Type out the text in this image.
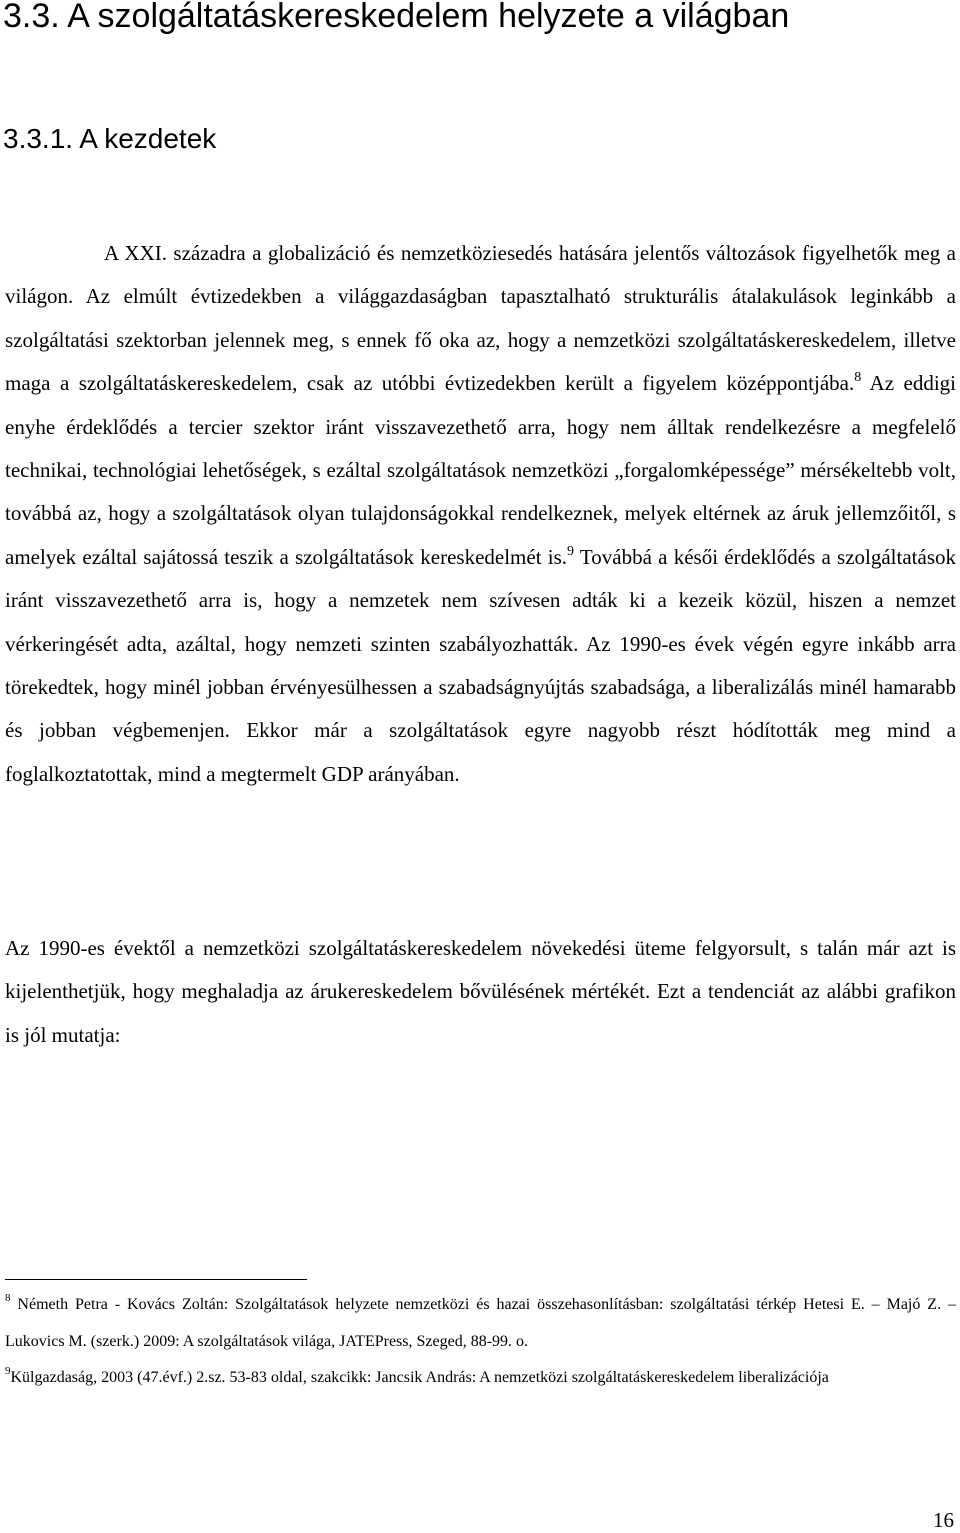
3.3. A szolgáltatáskereskedelem helyzete a világban
3.3.1. A kezdetek

A XXI. századra a globalizáció és nemzetköziesedés hatására jelentős változások figyelhetők meg a világon. Az elmúlt évtizedekben a világgazdaságban tapasztalható strukturális átalakulások leginkább a szolgáltatási szektorban jelennek meg, s ennek fő oka az, hogy a nemzetközi szolgáltatáskereskedelem, illetve maga a szolgáltatáskereskedelem, csak az utóbbi évtizedekben került a figyelem középpontjába.$^8$ Az eddigi enyhe érdeklődés a tercier szektor iránt visszavezethető arra, hogy nem álltak rendelkezésre a megfelelő technikai, technológiai lehetőségek, s ezáltal szolgáltatások nemzetközi „forgalomképessége” mérsékeltebb volt, továbbá az, hogy a szolgáltatások olyan tulajdonságokkal rendelkeznek, melyek eltérnek az áruk jellemzőitől, s amelyek ezáltal sajátossá teszik a szolgáltatások kereskedelmét is.$^9$ Továbbá a késői érdeklődés a szolgáltatások iránt visszavezethető arra is, hogy a nemzetek nem szívesen adták ki a kezeik közül, hiszen a nemzet vérkeringését adta, azáltal, hogy nemzeti szinten szabályozhatták. Az 1990-es évek végén egyre inkább arra törekedtek, hogy minél jobban érvényesülhessen a szabadságnyújtás szabadsága, a liberalizálás minél hamarabb és jobban végbemenjen. Ekkor már a szolgáltatások egyre nagyobb részt hódították meg mind a foglalkoztatottak, mind a megtermelt GDP arányában.

Az 1990-es évektől a nemzetközi szolgáltatáskereskedelem növekedési üteme felgyorsult, s talán már azt is kijelenthetjük, hogy meghaladja az árukereskedelem bővülésének mértékét. Ezt a tendenciát az alábbi grafikon is jól mutatja:

$^8$ Németh Petra - Kovács Zoltán: Szolgáltatások helyzete nemzetközi és hazai összehasonlításban: szolgáltatási térkép Hetesi E. – Majó Z. – Lukovics M. (szerk.) 2009: A szolgáltatások világa, JATEPress, Szeged, 88-99. o.

$^9$Külgazdaság, 2003 (47.évf.) 2.sz. 53-83 oldal, szakcikk: Jancsik András: A nemzetközi szolgáltatáskereskedelem liberalizációja

16
